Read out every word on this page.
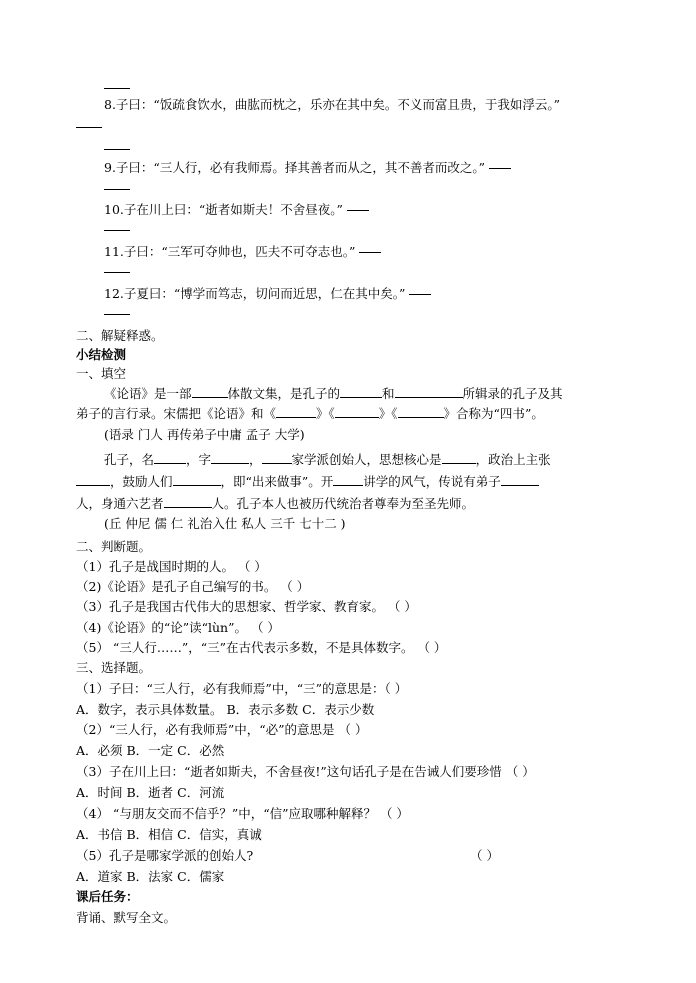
8.子曰：“饭疏食饮水，曲肱而枕之，乐亦在其中矣。不义而富且贵，于我如浮云。”
9.子曰：“三人行，必有我师焉。择其善者而从之，其不善者而改之。”
10.子在川上曰：“逝者如斯夫！不舍昼夜。”
11.子曰：“三军可夺帅也，匹夫不可夺志也。”
12.子夏曰：“博学而笃志，切问而近思，仁在其中矣。”
二、解疑释惑。
小结检测
一、填空
《论语》是一部	体散文集，是孔子的	和	所辑录的孔子及其
弟子的言行录。宋儒把《论语》和《	》《	》《	》合称为“四书”。
(语录 门人 再传弟子中庸 孟子 大学)
孔子，名	，字	， 家学派创始人，思想核心是	，政治上主张
，鼓励人们	，即“出来做事”。开 讲学的风气，传说有弟子
人，身通六艺者	人。孔子本人也被历代统治者尊奉为至圣先师。
(丘 仲尼 儒 仁 礼治入仕 私人 三千 七十二 )
二、判断题。
（1）孔子是战国时期的人。 （ ）
（2)《论语》是孔子自己编写的书。 （ ）
（3）孔子是我国古代伟大的思想家、哲学家、教育家。 （ ）
（4)《论语》的“论”读“lùn”。 （ ）
（5） “三人行……”，“三”在古代表示多数，不是具体数字。 （ ）
三、选择题。
（1）子曰：“三人行，必有我师焉”中，“三”的意思是：（ ）
A．数字，表示具体数量。 B．表示多数 C．表示少数
（2）“三人行，必有我师焉”中，“必”的意思是 （ ）
A．必须 B．一定 C．必然
（3）子在川上曰：“逝者如斯夫，不舍昼夜!”这句话孔子是在告诫人们要珍惜 （ ）
A．时间 B．逝者 C．河流
（4） “与朋友交而不信乎？”中，“信”应取哪种解释？ （ ）
A．书信 B．相信 C．信实，真诚
（5）孔子是哪家学派的创始人?	（ ）
A．道家 B．法家 C．儒家
课后任务：
背诵、默写全文。
